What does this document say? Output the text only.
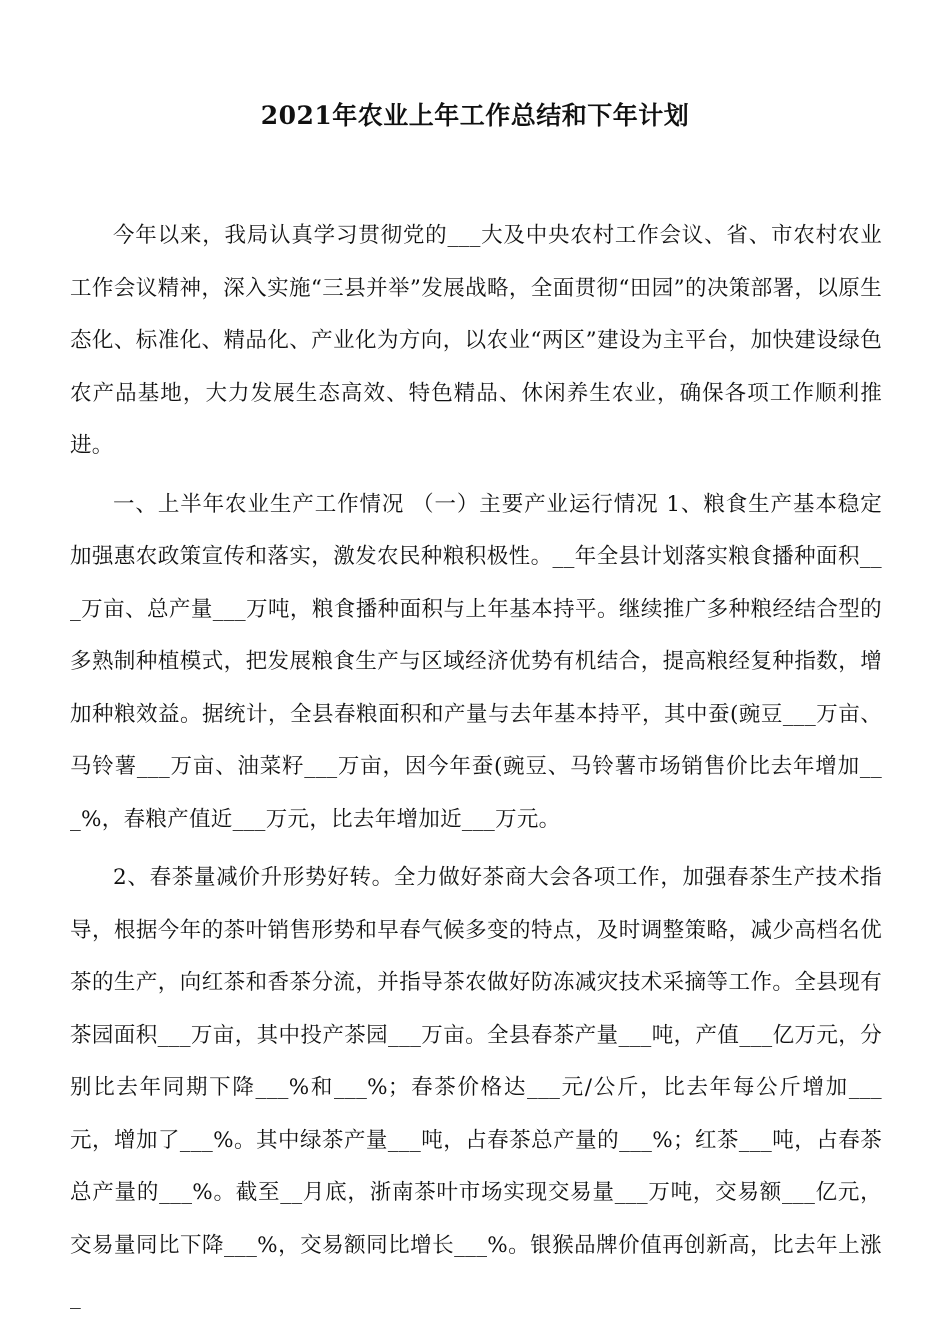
2021年农业上年工作总结和下年计划

今年以来，我局认真学习贯彻党的___大及中央农村工作会议、省、市农村农业工作会议精神，深入实施“三县并举”发展战略，全面贯彻“田园”的决策部署，以原生态化、标准化、精品化、产业化为方向，以农业“两区”建设为主平台，加快建设绿色农产品基地，大力发展生态高效、特色精品、休闲养生农业，确保各项工作顺利推进。

一、上半年农业生产工作情况 （一）主要产业运行情况 1、粮食生产基本稳定 加强惠农政策宣传和落实，激发农民种粮积极性。__年全县计划落实粮食播种面积___万亩、总产量___万吨，粮食播种面积与上年基本持平。继续推广多种粮经结合型的多熟制种植模式，把发展粮食生产与区域经济优势有机结合，提高粮经复种指数，增加种粮效益。据统计，全县春粮面积和产量与去年基本持平，其中蚕(豌豆___万亩、马铃薯___万亩、油菜籽___万亩，因今年蚕(豌豆、马铃薯市场销售价比去年增加___%，春粮产值近___万元，比去年增加近___万元。

2、春茶量减价升形势好转。全力做好茶商大会各项工作，加强春茶生产技术指导，根据今年的茶叶销售形势和早春气候多变的特点，及时调整策略，减少高档名优茶的生产，向红茶和香茶分流，并指导茶农做好防冻减灾技术采摘等工作。全县现有茶园面积___万亩，其中投产茶园___万亩。全县春茶产量___吨，产值___亿万元，分别比去年同期下降___%和___%；春茶价格达___元/公斤，比去年每公斤增加___元，增加了___%。其中绿茶产量___吨，占春茶总产量的___%；红茶___吨，占春茶总产量的___%。截至__月底，浙南茶叶市场实现交易量___万吨，交易额___亿元，交易量同比下降___%，交易额同比增长___%。银猴品牌价值再创新高，比去年上涨_
